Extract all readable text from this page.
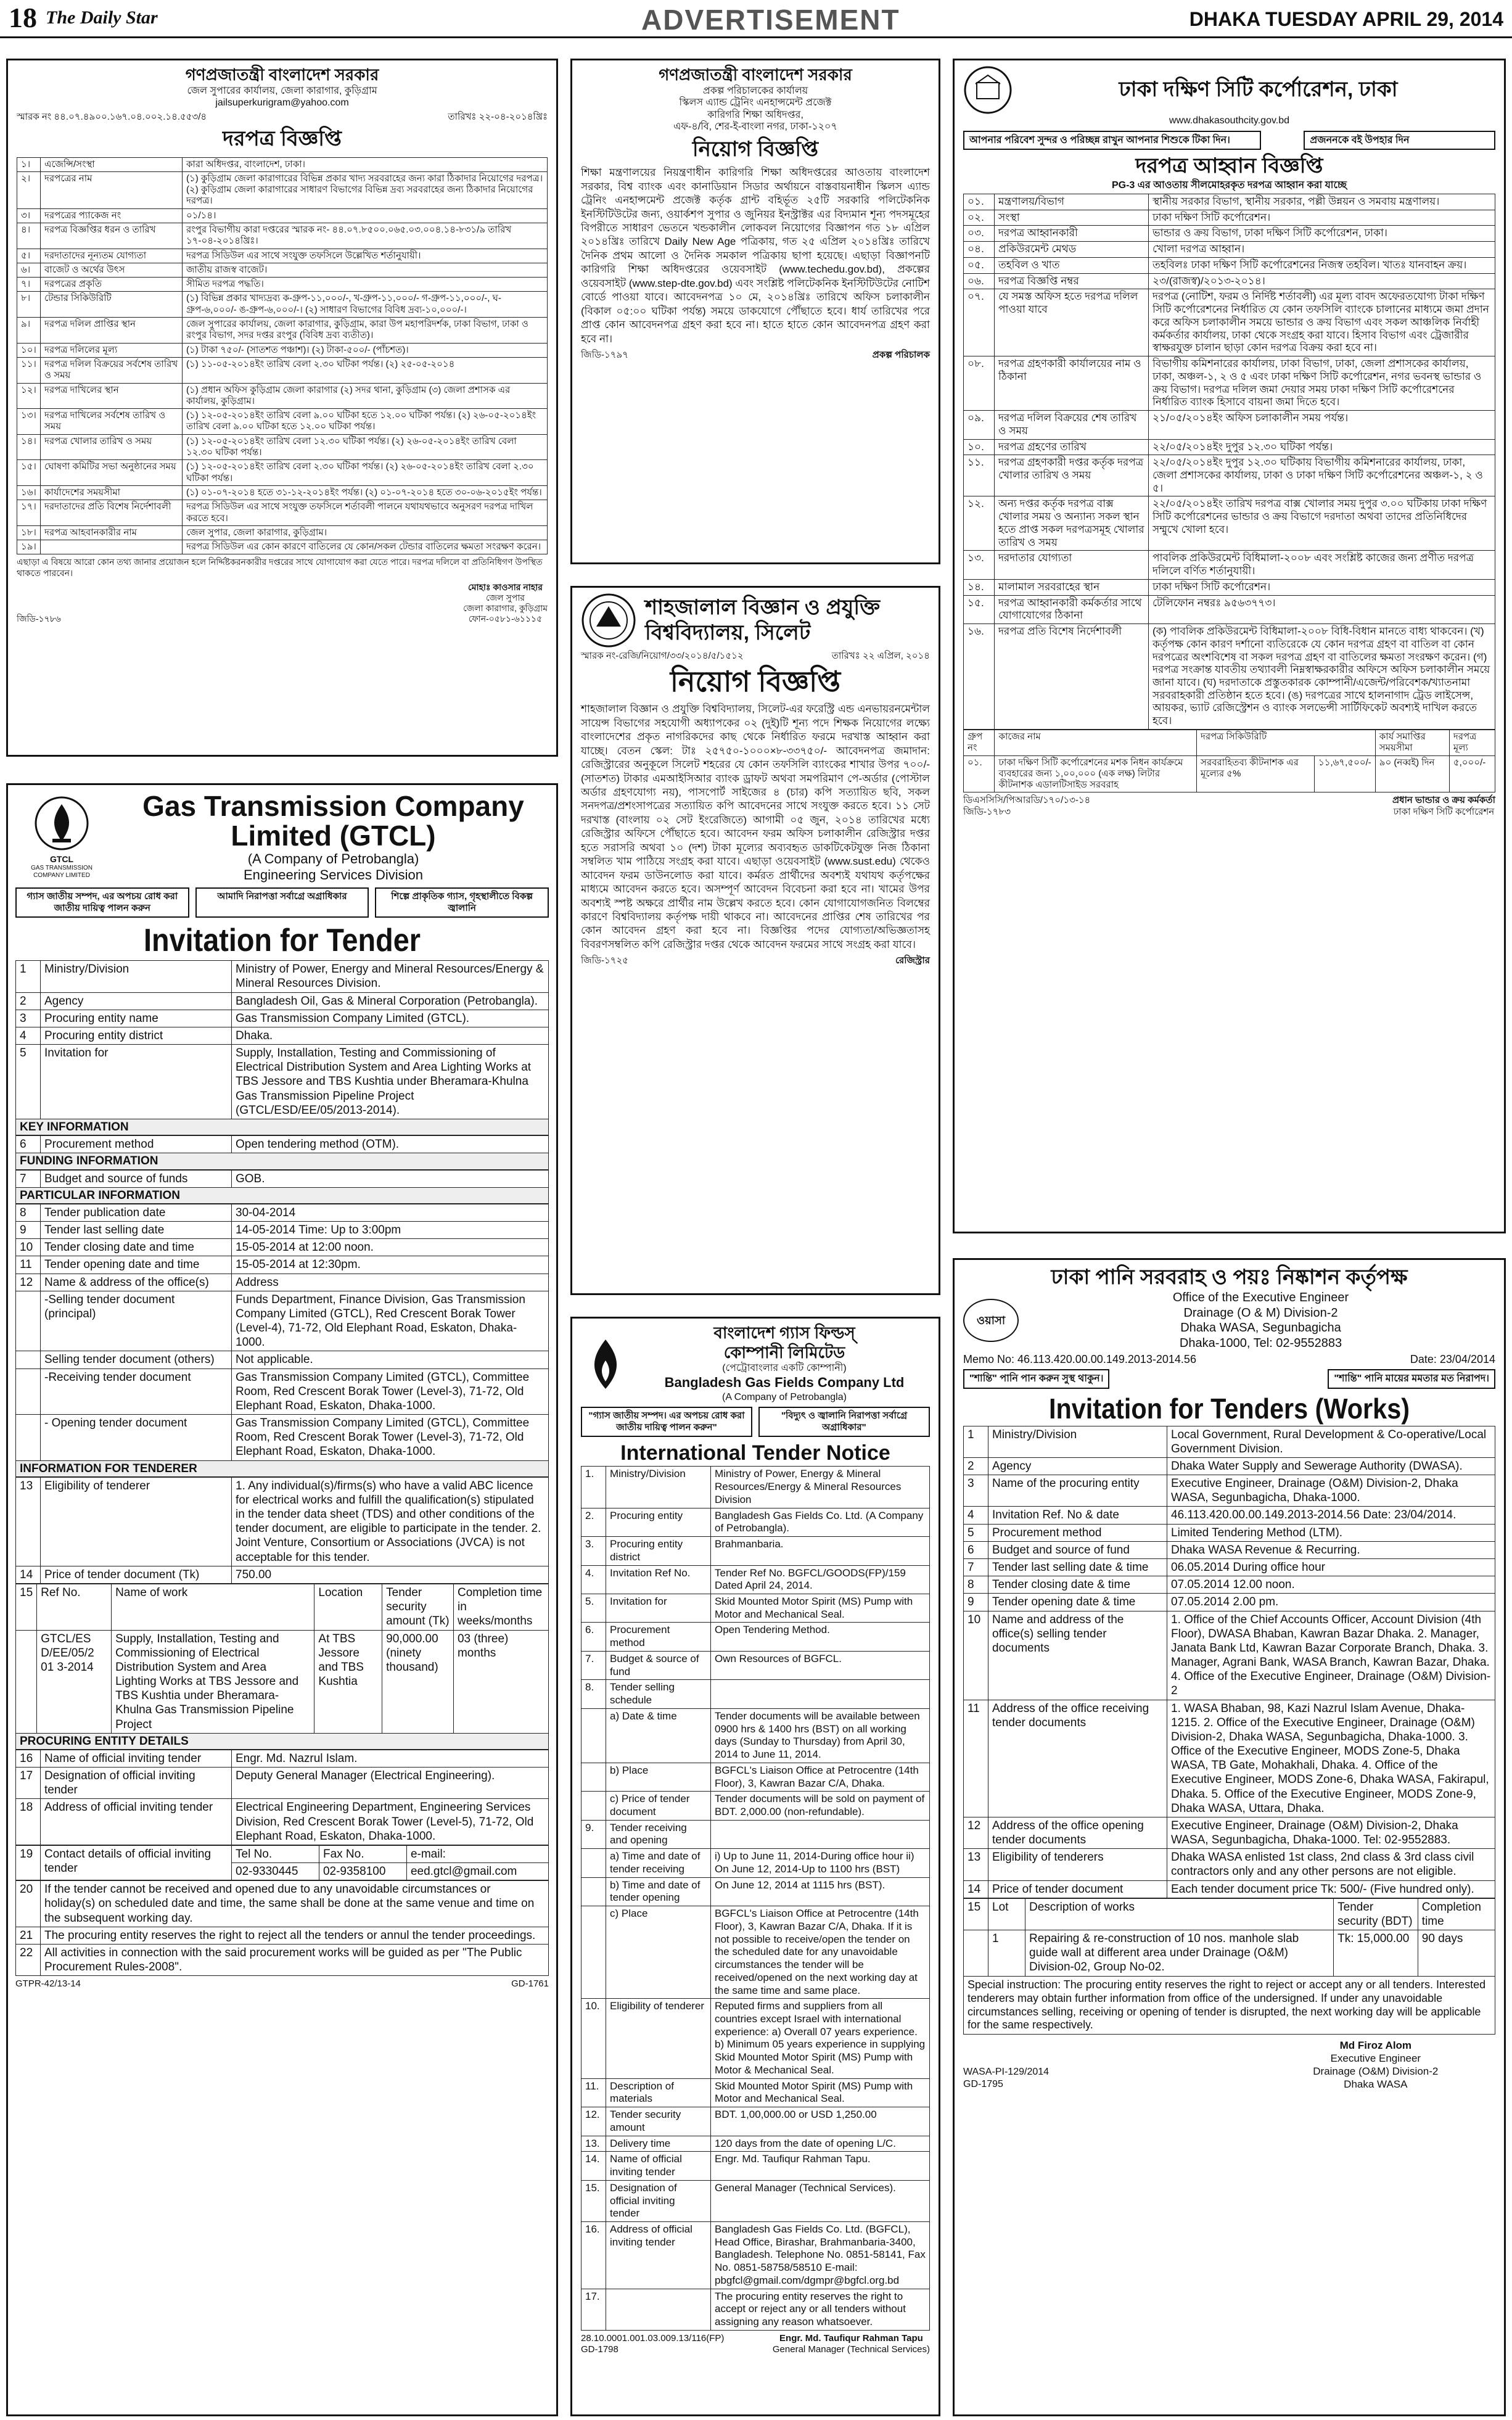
18 The Daily Star	ADVERTISEMENT	DHAKA TUESDAY APRIL 29, 2014
গণপ্রজাতন্ত্রী বাংলাদেশ সরকার
জেল সুপারের কার্যালয়, জেলা কারাগার, কুড়িগ্রাম
jailsuperkurigram@yahoo.com
স্মারক নং ৪৪.০৭.৪৯০০.১৬৭.০৪.০০২.১৪.৫৫৩/৪	তারিখঃ ২২-০৪-২০১৪খ্রিঃ
দরপত্র বিজ্ঞপ্তি
১।	এজেন্সি/সংস্থা	কারা অধিদপ্তর, বাংলাদেশ, ঢাকা।
২।	দরপত্রের নাম	(১) কুড়িগ্রাম জেলা কারাগারের বিভিন্ন প্রকার খাদ্য সরবরাহের জন্য কারা ঠিকাদার নিয়োগের দরপত্র। (২) কুড়িগ্রাম জেলা কারাগারের সাধারণ বিভাগের বিভিন্ন দ্রব্য সরবরাহের জন্য ঠিকাদার নিয়োগের দরপত্র।
৩।	দরপত্রের প্যাকেজ নং	০১/১৪।
৪।	দরপত্র বিজ্ঞপ্তির ধরন ও তারিখ	রংপুর বিভাগীয় কারা দপ্তরের স্মারক নং- ৪৪.০৭.৮৫০০.০৬৫.০৩.০০৪.১৪-৮৩১/৯ তারিখ ১৭-০৪-২০১৪খ্রিঃ।
৫।	দরদাতাদের নূন্যতম যোগ্যতা	দরপত্র সিডিউল এর সাথে সংযুক্ত তফসিলে উল্লেখিত শর্তানুযায়ী।
৬।	বাজেট ও অর্থের উৎস	জাতীয় রাজস্ব বাজেট।
৭।	দরপত্রের প্রকৃতি	সীমিত দরপত্র পদ্ধতি।
৮।	টেন্ডার সিকিউরিটি	(১) বিভিন্ন প্রকার খাদ্যদ্রব্য ক-গ্রুপ-১১,০০০/-, খ-গ্রুপ-১১,০০০/- গ-গ্রুপ-১১,০০০/-, ঘ-গ্রুপ-৬,০০০/- ঙ-গ্রুপ-৬,০০০/-। (২) সাধারণ বিভাগের বিবিধ দ্রব্য-১০,০০০/-।
৯।	দরপত্র দলিল প্রাপ্তির স্থান	জেল সুপারের কার্যালয়, জেলা কারাগার, কুড়িগ্রাম, কারা উপ মহাপরিদর্শক, ঢাকা বিভাগ, ঢাকা ও রংপুর বিভাগ, সদর দপ্তর রংপুর (বিবিধ দ্রব্য ব্যতীত)।
১০।	দরপত্র দলিলের মূল্য	(১) টাকা ৭৫০/- (সাতশত পঞ্চাশ)। (২) টাকা-৫০০/- (পাঁচশত)।
১১।	দরপত্র দলিল বিক্রয়ের সর্বশেষ তারিখ ও সময়	(১) ১১-০৫-২০১৪ইং তারিখ বেলা ২.৩০ ঘটিকা পর্যন্ত। (২) ২৫-০৫-২০১৪
১২।	দরপত্র দাখিলের স্থান	(১) প্রধান অফিস কুড়িগ্রাম জেলা কারাগার (২) সদর থানা, কুড়িগ্রাম (৩) জেলা প্রশাসক এর কার্যালয়, কুড়িগ্রাম।
১৩।	দরপত্র দাখিলের সর্বশেষ তারিখ ও সময়	(১) ১২-০৫-২০১৪ইং তারিখ বেলা ৯.০০ ঘটিকা হতে ১২.০০ ঘটিকা পর্যন্ত। (২) ২৬-০৫-২০১৪ইং তারিখ বেলা ৯.০০ ঘটিকা হতে ১২.০০ ঘটিকা পর্যন্ত।
১৪।	দরপত্র খোলার তারিখ ও সময়	(১) ১২-০৫-২০১৪ইং তারিখ বেলা ১২.৩০ ঘটিকা পর্যন্ত। (২) ২৬-০৫-২০১৪ইং তারিখ বেলা ১২.৩০ ঘটিকা পর্যন্ত।
১৫।	ঘোষণা কমিটির সভা অনুষ্ঠানের সময়	(১) ১২-০৫-২০১৪ইং তারিখ বেলা ২.৩০ ঘটিকা পর্যন্ত। (২) ২৬-০৫-২০১৪ইং তারিখ বেলা ২.৩০ ঘটিকা পর্যন্ত।
১৬।	কার্যাদেশের সময়সীমা	(১) ০১-০৭-২০১৪ হতে ৩১-১২-২০১৪ইং পর্যন্ত। (২) ০১-০৭-২০১৪ হতে ৩০-০৬-২০১৫ইং পর্যন্ত।
১৭।	দরদাতাদের প্রতি বিশেষ নির্দেশাবলী	দরপত্র সিডিউল এর সাথে সংযুক্ত তফসিলে শর্তাবলী পালনে যথাযথভাবে অনুসরণ দরপত্র দাখিল করতে হবে।
১৮।	দরপত্র আহবানকারীর নাম	জেল সুপার, জেলা কারাগার, কুড়িগ্রাম।
১৯।		দরপত্র সিডিউল এর কোন কারণে বাতিলের যে কোন/সকল টেন্ডার বাতিলের ক্ষমতা সংরক্ষণ করেন।
এছাড়া এ বিষয়ে আরো কোন তথ্য জানার প্রয়োজন হলে নির্দ্দিষ্টকরনকারীর দপ্তরের সাথে যোগাযোগ করা যেতে পারে। দরপত্র দলিলে বা প্রতিনিধিগণ উপস্থিত থাকতে পারবেন।
জিডি-১৭৮৬
মোহাঃ কাওসার নাহার
জেল সুপার
জেলা কারাগার, কুড়িগ্রাম
ফোন-০৫৮১-৬১১১৫
GTCL
GAS TRANSMISSION COMPANY LIMITED
Gas Transmission Company Limited (GTCL)
(A Company of Petrobangla)
Engineering Services Division
গ্যাস জাতীয় সম্পদ, এর অপচয় রোধ করা জাতীয় দায়িত্ব পালন করুন
আমাদি নিরাপত্তা সর্বাগ্রে অগ্রাধিকার	শিল্পে প্রাকৃতিক গ্যাস, গৃহস্থালীতে বিকল্প জ্বালানি
Invitation for Tender
1	Ministry/Division	Ministry of Power, Energy and Mineral Resources/Energy & Mineral Resources Division.
2	Agency	Bangladesh Oil, Gas & Mineral Corporation (Petrobangla).
3	Procuring entity name	Gas Transmission Company Limited (GTCL).
4	Procuring entity district	Dhaka.
5	Invitation for	Supply, Installation, Testing and Commissioning of Electrical Distribution System and Area Lighting Works at TBS Jessore and TBS Kushtia under Bheramara-Khulna Gas Transmission Pipeline Project (GTCL/ESD/EE/05/2013-2014).
KEY INFORMATION
6	Procurement method	Open tendering method (OTM).
FUNDING INFORMATION
7	Budget and source of funds	GOB.
PARTICULAR INFORMATION
8	Tender publication date	30-04-2014
9	Tender last selling date	14-05-2014 Time: Up to 3:00pm
10	Tender closing date and time	15-05-2014 at 12:00 noon.
11	Tender opening date and time	15-05-2014 at 12:30pm.
12	Name & address of the office(s)	Address
	-Selling tender document (principal)	Funds Department, Finance Division, Gas Transmission Company Limited (GTCL), Red Crescent Borak Tower (Level-4), 71-72, Old Elephant Road, Eskaton, Dhaka-1000.
	Selling tender document (others)	Not applicable.
	-Receiving tender document	Gas Transmission Company Limited (GTCL), Committee Room, Red Crescent Borak Tower (Level-3), 71-72, Old Elephant Road, Eskaton, Dhaka-1000.
	- Opening tender document	Gas Transmission Company Limited (GTCL), Committee Room, Red Crescent Borak Tower (Level-3), 71-72, Old Elephant Road, Eskaton, Dhaka-1000.
INFORMATION FOR TENDERER
13	Eligibility of tenderer	1. Any individual(s)/firms(s) who have a valid ABC licence for electrical works and fulfill the qualification(s) stipulated in the tender data sheet (TDS) and other conditions of the tender document, are eligible to participate in the tender. 2. Joint Venture, Consortium or Associations (JVCA) is not acceptable for this tender.
14	Price of tender document (Tk)	750.00
15	Ref No.	Name of work	Location	Tender security amount (Tk)	Completion time in weeks/months
	GTCL/ES D/EE/05/2 01 3-2014	Supply, Installation, Testing and Commissioning of Electrical Distribution System and Area Lighting Works at TBS Jessore and TBS Kushtia under Bheramara-Khulna Gas Transmission Pipeline Project	At TBS Jessore and TBS Kushtia	90,000.00 (ninety thousand)	03 (three) months
PROCURING ENTITY DETAILS
16	Name of official inviting tender	Engr. Md. Nazrul Islam.
17	Designation of official inviting tender	Deputy General Manager (Electrical Engineering).
18	Address of official inviting tender	Electrical Engineering Department, Engineering Services Division, Red Crescent Borak Tower (Level-5), 71-72, Old Elephant Road, Eskaton, Dhaka-1000.
19	Contact details of official inviting tender	Tel No.	Fax No.	e-mail:
		02-9330445	02-9358100	eed.gtcl@gmail.com
20	If the tender cannot be received and opened due to any unavoidable circumstances or holiday(s) on scheduled date and time, the same shall be done at the same venue and time on the subsequent working day.
21	The procuring entity reserves the right to reject all the tenders or annul the tender proceedings.
22	All activities in connection with the said procurement works will be guided as per "The Public Procurement Rules-2008".
GTPR-42/13-14	GD-1761
গণপ্রজাতন্ত্রী বাংলাদেশ সরকার
প্রকল্প পরিচালকের কার্যালয়
স্কিলস এ্যান্ড ট্রেনিং এনহান্সমেন্ট প্রজেক্ট
কারিগরি শিক্ষা অধিদপ্তর,
এফ-৪/বি, শের-ই-বাংলা নগর, ঢাকা-১২০৭
নিয়োগ বিজ্ঞপ্তি
শিক্ষা মন্ত্রণালয়ের নিয়ন্ত্রণাধীন কারিগরি শিক্ষা অধিদপ্তরের আওতায় বাংলাদেশ সরকার, বিশ্ব ব্যাংক এবং কানাডিয়ান সিডার অর্থায়নে বাস্তবায়নাধীন স্কিলস এ্যান্ড ট্রেনিং এনহান্সমেন্ট প্রজেক্ট কর্তৃক গ্রান্ট বহির্ভূত ২৫টি সরকারি পলিটেকনিক ইনস্টিটিউটের জন্য, ওয়ার্কশপ সুপার ও জুনিয়র ইনস্ট্রাক্টর এর বিদ্যমান শূন্য পদসমূহের বিপরীতে সাধারণ ভেতনে খন্ডকালীন লোকবল নিয়োগের বিজ্ঞাপন গত ১৮ এপ্রিল ২০১৪খ্রিঃ তারিখে Daily New Age পত্রিকায়, গত ২৫ এপ্রিল ২০১৪খ্রিঃ তারিখে দৈনিক প্রথম আলো ও দৈনিক সমকাল পত্রিকায় ছাপা হয়েছে। এছাড়া বিজ্ঞাপনটি কারিগরি শিক্ষা অধিদপ্তরের ওয়েবসাইট (www.techedu.gov.bd), প্রকল্পের ওয়েবসাইট (www.step-dte.gov.bd) এবং সংশ্লিষ্ট পলিটেকনিক ইনস্টিটিউটের নোটিশ বোর্ডে পাওয়া যাবে। আবেদনপত্র ১০ মে, ২০১৪খ্রিঃ তারিখে অফিস চলাকালীন (বিকাল ০৫:০০ ঘটিকা পর্যন্ত) সময়ে ডাকযোগে পৌঁছাতে হবে। ধার্য তারিখের পরে প্রাপ্ত কোন আবেদনপত্র গ্রহণ করা হবে না। হাতে হাতে কোন আবেদনপত্র গ্রহণ করা হবে না।
জিডি-১৭৯৭	প্রকল্প পরিচালক
শাহজালাল বিজ্ঞান ও প্রযুক্তি
বিশ্ববিদ্যালয়, সিলেট
স্মারক নং-রেজি/নিয়োগ/৩৩/২০১৪/৫/১৫১২	তারিখঃ ২২ এপ্রিল, ২০১৪
নিয়োগ বিজ্ঞপ্তি
শাহজালাল বিজ্ঞান ও প্রযুক্তি বিশ্ববিদ্যালয়, সিলেট-এর ফরেস্ট্রি এন্ড এনভায়রনমেন্টাল সায়েন্স বিভাগের সহযোগী অধ্যাপকের ০২ (দুই)টি শূন্য পদে শিক্ষক নিয়োগের লক্ষ্যে বাংলাদেশের প্রকৃত নাগরিকদের কাছ থেকে নির্ধারিত ফরমে দরখাস্ত আহ্বান করা যাচ্ছে। বেতন স্কেল: টাঃ ২৫৭৫০-১০০০×৮-৩৩৭৫০/- আবেদনপত্র জমাদান: রেজিস্ট্রারের অনুকূলে সিলেট শহরের যে কোন তফসিলি ব্যাংকের শাখার উপর ৭০০/- (সাতশত) টাকার এমআইসিআর ব্যাংক ড্রাফট অথবা সমপরিমাণ পে-অর্ডার (পোস্টাল অর্ডার গ্রহণযোগ্য নয়), পাসপোর্ট সাইজের ৪ (চার) কপি সত্যায়িত ছবি, সকল সনদপত্র/প্রশংসাপত্রের সত্যায়িত কপি আবেদনের সাথে সংযুক্ত করতে হবে। ১১ সেট দরখাস্ত (বাংলায় ০২ সেট ইংরেজিতে) আগামী ০৫ জুন, ২০১৪ তারিখের মধ্যে রেজিস্ট্রার অফিসে পৌঁছাতে হবে। আবেদন ফরম অফিস চলাকালীন রেজিস্ট্রার দপ্তর হতে সরাসরি অথবা ১০ (দশ) টাকা মূল্যের অব্যবহৃত ডাকটিকেটযুক্ত নিজ ঠিকানা সম্বলিত খাম পাঠিয়ে সংগ্রহ করা যাবে। এছাড়া ওয়েবসাইট (www.sust.edu) থেকেও আবেদন ফরম ডাউনলোড করা যাবে। কর্মরত প্রার্থীদের অবশ্যই যথাযথ কর্তৃপক্ষের মাধ্যমে আবেদন করতে হবে। অসম্পূর্ণ আবেদন বিবেচনা করা হবে না। খামের উপর অবশ্যই স্পষ্ট অক্ষরে প্রার্থীর নাম উল্লেখ করতে হবে। কোন যোগাযোগজনিত বিলম্বের কারণে বিশ্ববিদ্যালয় কর্তৃপক্ষ দায়ী থাকবে না। আবেদনের প্রাপ্তির শেষ তারিখের পর কোন আবেদন গ্রহণ করা হবে না। বিজ্ঞপ্তির পদের যোগ্যতা/অভিজ্ঞতাসহ বিবরণসম্বলিত কপি রেজিস্ট্রার দপ্তর থেকে আবেদন ফরমের সাথে সংগ্রহ করা যাবে।
জিডি-১৭২৫	রেজিস্ট্রার
বাংলাদেশ গ্যাস ফিল্ডস্
কোম্পানী লিমিটেড
(পেট্রোবাংলার একটি কোম্পানী)
Bangladesh Gas Fields Company Ltd
(A Company of Petrobangla)
"গ্যাস জাতীয় সম্পদ। এর অপচয় রোধ করা জাতীয় দায়িত্ব পালন করুন"
"বিদ্যুৎ ও জ্বালানি নিরাপত্তা সর্বাগ্রে অগ্রাধিকার"
International Tender Notice
1.	Ministry/Division	Ministry of Power, Energy & Mineral Resources/Energy & Mineral Resources Division
2.	Procuring entity	Bangladesh Gas Fields Co. Ltd. (A Company of Petrobangla).
3.	Procuring entity district	Brahmanbaria.
4.	Invitation Ref No.	Tender Ref No. BGFCL/GOODS(FP)/159 Dated April 24, 2014.
5.	Invitation for	Skid Mounted Motor Spirit (MS) Pump with Motor and Mechanical Seal.
6.	Procurement method	Open Tendering Method.
7.	Budget & source of fund	Own Resources of BGFCL.
8.	Tender selling schedule	
	a) Date & time	Tender documents will be available between 0900 hrs & 1400 hrs (BST) on all working days (Sunday to Thursday) from April 30, 2014 to June 11, 2014.
	b) Place	BGFCL's Liaison Office at Petrocentre (14th Floor), 3, Kawran Bazar C/A, Dhaka.
	c) Price of tender document	Tender documents will be sold on payment of BDT. 2,000.00 (non-refundable).
9.	Tender receiving and opening	
	a) Time and date of tender receiving	i) Up to June 11, 2014-During office hour ii) On June 12, 2014-Up to 1100 hrs (BST)
	b) Time and date of tender opening	On June 12, 2014 at 1115 hrs (BST).
	c) Place	BGFCL's Liaison Office at Petrocentre (14th Floor), 3, Kawran Bazar C/A, Dhaka. If it is not possible to receive/open the tender on the scheduled date for any unavoidable circumstances the tender will be received/opened on the next working day at the same time and same place.
10.	Eligibility of tenderer	Reputed firms and suppliers from all countries except Israel with international experience: a) Overall 07 years experience. b) Minimum 05 years experience in supplying Skid Mounted Motor Spirit (MS) Pump with Motor & Mechanical Seal.
11.	Description of materials	Skid Mounted Motor Spirit (MS) Pump with Motor and Mechanical Seal.
12.	Tender security amount	BDT. 1,00,000.00 or USD 1,250.00
13.	Delivery time	120 days from the date of opening L/C.
14.	Name of official inviting tender	Engr. Md. Taufiqur Rahman Tapu.
15.	Designation of official inviting tender	General Manager (Technical Services).
16.	Address of official inviting tender	Bangladesh Gas Fields Co. Ltd. (BGFCL), Head Office, Birashar, Brahmanbaria-3400, Bangladesh. Telephone No. 0851-58141, Fax No. 0851-58758/58510 E-mail: pbgfcl@gmail.com/dgmpr@bgfcl.org.bd
17.		The procuring entity reserves the right to accept or reject any or all tenders without assigning any reason whatsoever.
28.10.0001.001.03.009.13/116(FP)
GD-1798
Engr. Md. Taufiqur Rahman Tapu
General Manager (Technical Services)
ঢাকা দক্ষিণ সিটি কর্পোরেশন, ঢাকা
www.dhakasouthcity.gov.bd
আপনার পরিবেশ সুন্দর ও পরিচ্ছন্ন রাখুন আপনার শিশুকে টিকা দিন।	প্রজননকে বই উপহার দিন
দরপত্র আহ্বান বিজ্ঞপ্তি
PG-3 এর আওতায় সীলমোহরকৃত দরপত্র আহ্বান করা যাচ্ছে
০১.	মন্ত্রণালয়/বিভাগ	স্থানীয় সরকার বিভাগ, স্থানীয় সরকার, পল্লী উন্নয়ন ও সমবায় মন্ত্রণালয়।
০২.	সংস্থা	ঢাকা দক্ষিণ সিটি কর্পোরেশন।
০৩.	দরপত্র আহ্বানকারী	ভান্ডার ও ক্রয় বিভাগ, ঢাকা দক্ষিণ সিটি কর্পোরেশন, ঢাকা।
০৪.	প্রকিউরমেন্ট মেথড	খোলা দরপত্র আহ্বান।
০৫.	তহবিল ও খাত	তহবিলঃ ঢাকা দক্ষিণ সিটি কর্পোরেশনের নিজস্ব তহবিল। খাতঃ যানবাহন ক্রয়।
০৬.	দরপত্র বিজ্ঞপ্তি নম্বর	২৩/(রাজস্ব)/২০১৩-২০১৪।
০৭.	যে সমস্ত অফিস হতে দরপত্র দলিল পাওয়া যাবে	দরপত্র (নোটিশ, ফরম ও নির্দিষ্ট শর্তাবলী) এর মূল্য বাবদ অফেরতযোগ্য টাকা দক্ষিণ সিটি কর্পোরেশনের নির্ধারিত যে কোন তফসিলি ব্যাংকে চালানের মাধ্যমে জমা প্রদান করে অফিস চলাকালীন সময়ে ভান্ডার ও ক্রয় বিভাগ এবং সকল আঞ্চলিক নির্বাহী কর্মকর্তার কার্যালয়, ঢাকা থেকে সংগ্রহ করা যাবে। হিসাব বিভাগ এবং ট্রেজারীর স্বাক্ষরযুক্ত চালান ছাড়া কোন দরপত্র বিক্রয় করা হবে না।
০৮.	দরপত্র গ্রহণকারী কার্যালয়ের নাম ও ঠিকানা	বিভাগীয় কমিশনারের কার্যালয়, ঢাকা বিভাগ, ঢাকা, জেলা প্রশাসকের কার্যালয়, ঢাকা, অঞ্চল-১, ২ ও ৫ এবং ঢাকা দক্ষিণ সিটি কর্পোরেশন, নগর ভবনস্থ ভান্ডার ও ক্রয় বিভাগ। দরপত্র দলিল জমা দেয়ার সময় ঢাকা দক্ষিণ সিটি কর্পোরেশনের নির্ধারিত ব্যাংক হিসাবে বায়না জমা দিতে হবে।
০৯.	দরপত্র দলিল বিক্রয়ের শেষ তারিখ ও সময়	২১/০৫/২০১৪ইং অফিস চলাকালীন সময় পর্যন্ত।
১০.	দরপত্র গ্রহণের তারিখ	২২/০৫/২০১৪ইং দুপুর ১২.৩০ ঘটিকা পর্যন্ত।
১১.	দরপত্র গ্রহণকারী দপ্তর কর্তৃক দরপত্র খোলার তারিখ ও সময়	২২/০৫/২০১৪ইং দুপুর ১২.৩০ ঘটিকায় বিভাগীয় কমিশনারের কার্যালয়, ঢাকা, জেলা প্রশাসকের কার্যালয়, ঢাকা ও ঢাকা দক্ষিণ সিটি কর্পোরেশনের অঞ্চল-১, ২ ও ৫।
১২.	অন্য দপ্তর কর্তৃক দরপত্র বাক্স খোলার সময় ও অন্যান্য সকল স্থান হতে প্রাপ্ত সকল দরপত্রসমূহ খোলার তারিখ ও সময়	২২/০৫/২০১৪ইং তারিখ দরপত্র বাক্স খোলার সময় দুপুর ৩.০০ ঘটিকায় ঢাকা দক্ষিণ সিটি কর্পোরেশনের ভান্ডার ও ক্রয় বিভাগে দরদাতা অথবা তাদের প্রতিনিধিদের সম্মুখে খোলা হবে।
১৩.	দরদাতার যোগ্যতা	পাবলিক প্রকিউরমেন্ট বিধিমালা-২০০৮ এবং সংশ্লিষ্ট কাজের জন্য প্রণীত দরপত্র দলিলে বর্ণিত শর্তানুযায়ী।
১৪.	মালামাল সরবরাহের স্থান	ঢাকা দক্ষিণ সিটি কর্পোরেশন।
১৫.	দরপত্র আহ্বানকারী কর্মকর্তার সাথে যোগাযোগের ঠিকানা	টেলিফোন নম্বরঃ ৯৫৬৩৭৭৩।
১৬.	দরপত্র প্রতি বিশেষ নির্দেশাবলী	(ক) পাবলিক প্রকিউরমেন্ট বিধিমালা-২০০৮ বিধি-বিধান মানতে বাধ্য থাকবেন। (খ) কর্তৃপক্ষ কোন কারণ দর্শানো ব্যতিরেকে যে কোন দরপত্র গ্রহণ বা বাতিল বা কোন দরপত্রের অংশবিশেষ বা সকল দরপত্র গ্রহণ বা বাতিলের ক্ষমতা সংরক্ষণ করেন। (গ) দরপত্র সংক্রান্ত যাবতীয় তথ্যাবলী নিম্নস্বাক্ষরকারীর অফিসে অফিস চলাকালীন সময়ে জানা যাবে। (ঘ) দরদাতাকে প্রস্তুতকারক কোম্পানী/এজেন্ট/পরিবেশক/খ্যাতনামা সরবরাহকারী প্রতিষ্ঠান হতে হবে। (ঙ) দরপত্রের সাথে হালনাগাদ ট্রেড লাইসেন্স, আয়কর, ভ্যাট রেজিস্ট্রেশন ও ব্যাংক সলভেন্সী সার্টিফিকেট অবশ্যই দাখিল করতে হবে।
গ্রুপ নং	কাজের নাম	দরপত্র সিকিউরিটি		কার্য সমাপ্তির সময়সীমা	দরপত্র মূল্য
০১.	ঢাকা দক্ষিণ সিটি কর্পোরেশনের মশক নিধন কার্যক্রমে ব্যবহারের জন্য ১,০০,০০০ (এক লক্ষ) লিটার কীটনাশক এডালটিসাইড সরবরাহ	সরবরাহিতব্য কীটনাশক এর মূল্যের ৫%	১১,৬৭,৫০০/-	৯০ (নব্বই) দিন	৫,০০০/-
ডিএসসিসি/পিআরডি/১৭০/১৩-১৪
জিডি-১৭৮৩
প্রধান ভান্ডার ও ক্রয় কর্মকর্তা
ঢাকা দক্ষিণ সিটি কর্পোরেশন
ঢাকা পানি সরবরাহ ও পয়ঃ নিষ্কাশন কর্তৃপক্ষ
ওয়াসা
Office of the Executive Engineer
Drainage (O & M) Division-2
Dhaka WASA, Segunbagicha
Dhaka-1000, Tel: 02-9552883
Memo No: 46.113.420.00.00.149.2013-2014.56	Date: 23/04/2014
"শান্তি" পানি পান করুন সুস্থ থাকুন।	"শান্তি" পানি মায়ের মমতার মত নিরাপদ।
Invitation for Tenders (Works)
1	Ministry/Division	Local Government, Rural Development & Co-operative/Local Government Division.
2	Agency	Dhaka Water Supply and Sewerage Authority (DWASA).
3	Name of the procuring entity	Executive Engineer, Drainage (O&M) Division-2, Dhaka WASA, Segunbagicha, Dhaka-1000.
4	Invitation Ref. No & date	46.113.420.00.00.149.2013-2014.56 Date: 23/04/2014.
5	Procurement method	Limited Tendering Method (LTM).
6	Budget and source of fund	Dhaka WASA Revenue & Recurring.
7	Tender last selling date & time	06.05.2014 During office hour
8	Tender closing date & time	07.05.2014 12.00 noon.
9	Tender opening date & time	07.05.2014 2.00 pm.
10	Name and address of the office(s) selling tender documents	1. Office of the Chief Accounts Officer, Account Division (4th Floor), DWASA Bhaban, Kawran Bazar Dhaka. 2. Manager, Janata Bank Ltd, Kawran Bazar Corporate Branch, Dhaka. 3. Manager, Agrani Bank, WASA Branch, Kawran Bazar, Dhaka. 4. Office of the Executive Engineer, Drainage (O&M) Division-2
11	Address of the office receiving tender documents	1. WASA Bhaban, 98, Kazi Nazrul Islam Avenue, Dhaka-1215. 2. Office of the Executive Engineer, Drainage (O&M) Division-2, Dhaka WASA, Segunbagicha, Dhaka-1000. 3. Office of the Executive Engineer, MODS Zone-5, Dhaka WASA, TB Gate, Mohakhali, Dhaka. 4. Office of the Executive Engineer, MODS Zone-6, Dhaka WASA, Fakirapul, Dhaka. 5. Office of the Executive Engineer, MODS Zone-9, Dhaka WASA, Uttara, Dhaka.
12	Address of the office opening tender documents	Executive Engineer, Drainage (O&M) Division-2, Dhaka WASA, Segunbagicha, Dhaka-1000. Tel: 02-9552883.
13	Eligibility of tenderers	Dhaka WASA enlisted 1st class, 2nd class & 3rd class civil contractors only and any other persons are not eligible.
14	Price of tender document	Each tender document price Tk: 500/- (Five hundred only).
15	Lot	Description of works	Tender security (BDT)	Completion time
	1	Repairing & re-construction of 10 nos. manhole slab guide wall at different area under Drainage (O&M) Division-02, Group No-02.	Tk: 15,000.00	90 days
Special instruction: The procuring entity reserves the right to reject or accept any or all tenders. Interested tenderers may obtain further information from office of the undersigned. If under any unavoidable circumstances selling, receiving or opening of tender is disrupted, the next working day will be applicable for the same respectively.
Md Firoz Alom
Executive Engineer
Drainage (O&M) Division-2
Dhaka WASA
WASA-PI-129/2014
GD-1795
